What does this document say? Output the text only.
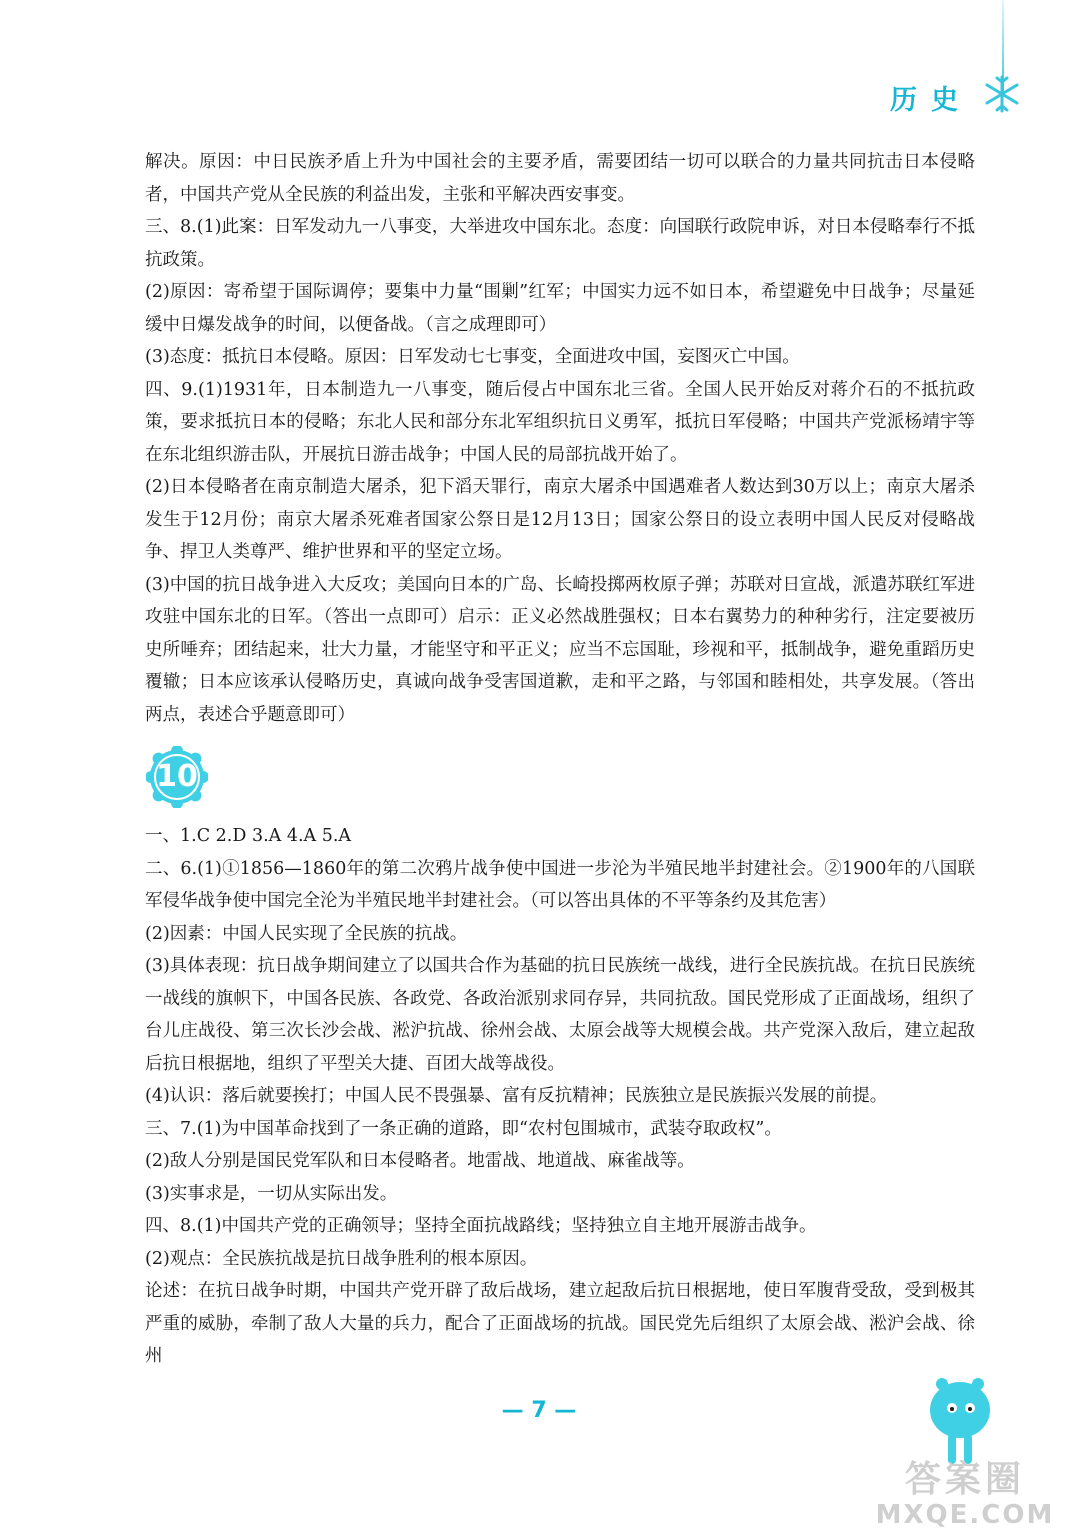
历史

解决。原因：中日民族矛盾上升为中国社会的主要矛盾，需要团结一切可以联合的力量共同抗击日本侵略者，中国共产党从全民族的利益出发，主张和平解决西安事变。

三、8.(1)此案：日军发动九一八事变，大举进攻中国东北。态度：向国联行政院申诉，对日本侵略奉行不抵抗政策。

(2)原因：寄希望于国际调停；要集中力量“围剿”红军；中国实力远不如日本，希望避免中日战争；尽量延缓中日爆发战争的时间，以便备战。（言之成理即可）

(3)态度：抵抗日本侵略。原因：日军发动七七事变，全面进攻中国，妄图灭亡中国。

四、9.(1)1931年，日本制造九一八事变，随后侵占中国东北三省。全国人民开始反对蒋介石的不抵抗政策，要求抵抗日本的侵略；东北人民和部分东北军组织抗日义勇军，抵抗日军侵略；中国共产党派杨靖宇等在东北组织游击队，开展抗日游击战争；中国人民的局部抗战开始了。

(2)日本侵略者在南京制造大屠杀，犯下滔天罪行，南京大屠杀中国遇难者人数达到30万以上；南京大屠杀发生于12月份；南京大屠杀死难者国家公祭日是12月13日；国家公祭日的设立表明中国人民反对侵略战争、捍卫人类尊严、维护世界和平的坚定立场。

(3)中国的抗日战争进入大反攻；美国向日本的广岛、长崎投掷两枚原子弹；苏联对日宣战，派遣苏联红军进攻驻中国东北的日军。（答出一点即可）启示：正义必然战胜强权；日本右翼势力的种种劣行，注定要被历史所唾弃；团结起来，壮大力量，才能坚守和平正义；应当不忘国耻，珍视和平，抵制战争，避免重蹈历史覆辙；日本应该承认侵略历史，真诚向战争受害国道歉，走和平之路，与邻国和睦相处，共享发展。（答出两点，表述合乎题意即可）

10

一、1.C 2.D 3.A 4.A 5.A

二、6.(1)①1856—1860年的第二次鸦片战争使中国进一步沦为半殖民地半封建社会。②1900年的八国联军侵华战争使中国完全沦为半殖民地半封建社会。（可以答出具体的不平等条约及其危害）

(2)因素：中国人民实现了全民族的抗战。

(3)具体表现：抗日战争期间建立了以国共合作为基础的抗日民族统一战线，进行全民族抗战。在抗日民族统一战线的旗帜下，中国各民族、各政党、各政治派别求同存异，共同抗敌。国民党形成了正面战场，组织了台儿庄战役、第三次长沙会战、淞沪抗战、徐州会战、太原会战等大规模会战。共产党深入敌后，建立起敌后抗日根据地，组织了平型关大捷、百团大战等战役。

(4)认识：落后就要挨打；中国人民不畏强暴、富有反抗精神；民族独立是民族振兴发展的前提。

三、7.(1)为中国革命找到了一条正确的道路，即“农村包围城市，武装夺取政权”。

(2)敌人分别是国民党军队和日本侵略者。地雷战、地道战、麻雀战等。

(3)实事求是，一切从实际出发。

四、8.(1)中国共产党的正确领导；坚持全面抗战路线；坚持独立自主地开展游击战争。

(2)观点：全民族抗战是抗日战争胜利的根本原因。

论述：在抗日战争时期，中国共产党开辟了敌后战场，建立起敌后抗日根据地，使日军腹背受敌，受到极其严重的威胁，牵制了敌人大量的兵力，配合了正面战场的抗战。国民党先后组织了太原会战、淞沪会战、徐州

— 7 —
答案圈
MXQE.COM
